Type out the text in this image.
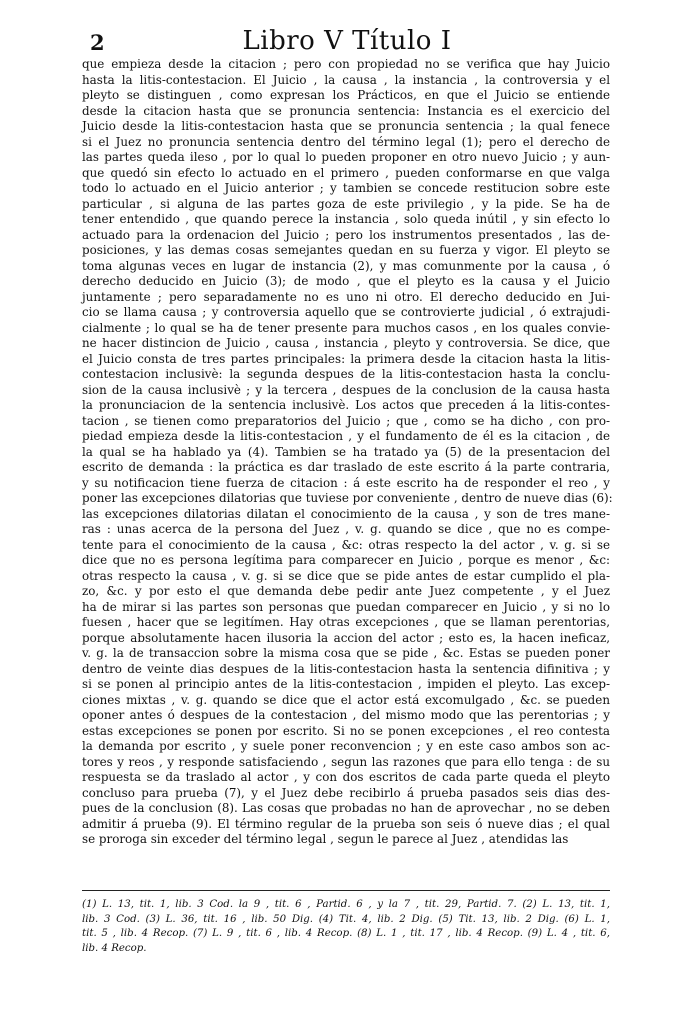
2	Libro V Título I
que empieza desde la citacion ; pero con propiedad no se verifica que hay Juicio
hasta la litis-contestacion. El Juicio , la causa , la instancia , la controversia y el
pleyto se distinguen , como expresan los Prácticos, en que el Juicio se entiende
desde la citacion hasta que se pronuncia sentencia: Instancia es el exercicio del
Juicio desde la litis-contestacion hasta que se pronuncia sentencia ; la qual fenece
si el Juez no pronuncia sentencia dentro del término legal (1); pero el derecho de
las partes queda ileso , por lo qual lo pueden proponer en otro nuevo Juicio ; y aun-
que quedó sin efecto lo actuado en el primero , pueden conformarse en que valga
todo lo actuado en el Juicio anterior ; y tambien se concede restitucion sobre este
particular , si alguna de las partes goza de este privilegio , y la pide. Se ha de
tener entendido , que quando perece la instancia , solo queda inútil , y sin efecto lo
actuado para la ordenacion del Juicio ; pero los instrumentos presentados , las de-
posiciones, y las demas cosas semejantes quedan en su fuerza y vigor. El pleyto se
toma algunas veces en lugar de instancia (2), y mas comunmente por la causa , ó
derecho deducido en Juicio (3); de modo , que el pleyto es la causa y el Juicio
juntamente ; pero separadamente no es uno ni otro. El derecho deducido en Jui-
cio se llama causa ; y controversia aquello que se controvierte judicial , ó extrajudi-
cialmente ; lo qual se ha de tener presente para muchos casos , en los quales convie-
ne hacer distincion de Juicio , causa , instancia , pleyto y controversia. Se dice, que
el Juicio consta de tres partes principales: la primera desde la citacion hasta la litis-
contestacion inclusivè: la segunda despues de la litis-contestacion hasta la conclu-
sion de la causa inclusivè ; y la tercera , despues de la conclusion de la causa hasta
la pronunciacion de la sentencia inclusivè. Los actos que preceden á la litis-contes-
tacion , se tienen como preparatorios del Juicio ; que , como se ha dicho , con pro-
piedad empieza desde la litis-contestacion , y el fundamento de él es la citacion , de
la qual se ha hablado ya (4). Tambien se ha tratado ya (5) de la presentacion del
escrito de demanda : la práctica es dar traslado de este escrito á la parte contraria,
y su notificacion tiene fuerza de citacion : á este escrito ha de responder el reo , y
poner las excepciones dilatorias que tuviese por conveniente , dentro de nueve dias (6):
las excepciones dilatorias dilatan el conocimiento de la causa , y son de tres mane-
ras : unas acerca de la persona del Juez , v. g. quando se dice , que no es compe-
tente para el conocimiento de la causa , &c: otras respecto la del actor , v. g. si se
dice que no es persona legítima para comparecer en Juicio , porque es menor , &c:
otras respecto la causa , v. g. si se dice que se pide antes de estar cumplido el pla-
zo, &c. y por esto el que demanda debe pedir ante Juez competente , y el Juez
ha de mirar si las partes son personas que puedan comparecer en Juicio , y si no lo
fuesen , hacer que se legitímen. Hay otras excepciones , que se llaman perentorias,
porque absolutamente hacen ilusoria la accion del actor ; esto es, la hacen ineficaz,
v. g. la de transaccion sobre la misma cosa que se pide , &c. Estas se pueden poner
dentro de veinte dias despues de la litis-contestacion hasta la sentencia difinitiva ; y
si se ponen al principio antes de la litis-contestacion , impiden el pleyto. Las excep-
ciones mixtas , v. g. quando se dice que el actor está excomulgado , &c. se pueden
oponer antes ó despues de la contestacion , del mismo modo que las perentorias ; y
estas excepciones se ponen por escrito. Si no se ponen excepciones , el reo contesta
la demanda por escrito , y suele poner reconvencion ; y en este caso ambos son ac-
tores y reos , y responde satisfaciendo , segun las razones que para ello tenga : de su
respuesta se da traslado al actor , y con dos escritos de cada parte queda el pleyto
concluso para prueba (7), y el Juez debe recibirlo á prueba pasados seis dias des-
pues de la conclusion (8). Las cosas que probadas no han de aprovechar , no se deben
admitir á prueba (9). El término regular de la prueba son seis ó nueve dias ; el qual
se proroga sin exceder del término legal , segun le parece al Juez , atendidas las
(1) L. 13, tit. 1, lib. 3 Cod. la 9 , tit. 6 , Partid. 6 , y la 7 , tit. 29, Partid. 7. (2) L. 13, tit. 1,
lib. 3 Cod. (3) L. 36, tit. 16 , lib. 50 Dig. (4) Tit. 4, lib. 2 Dig. (5) Tit. 13, lib. 2 Dig. (6) L. 1,
tit. 5 , lib. 4 Recop. (7) L. 9 , tit. 6 , lib. 4 Recop. (8) L. 1 , tit. 17 , lib. 4 Recop. (9) L. 4 , tit. 6,
lib. 4 Recop.
